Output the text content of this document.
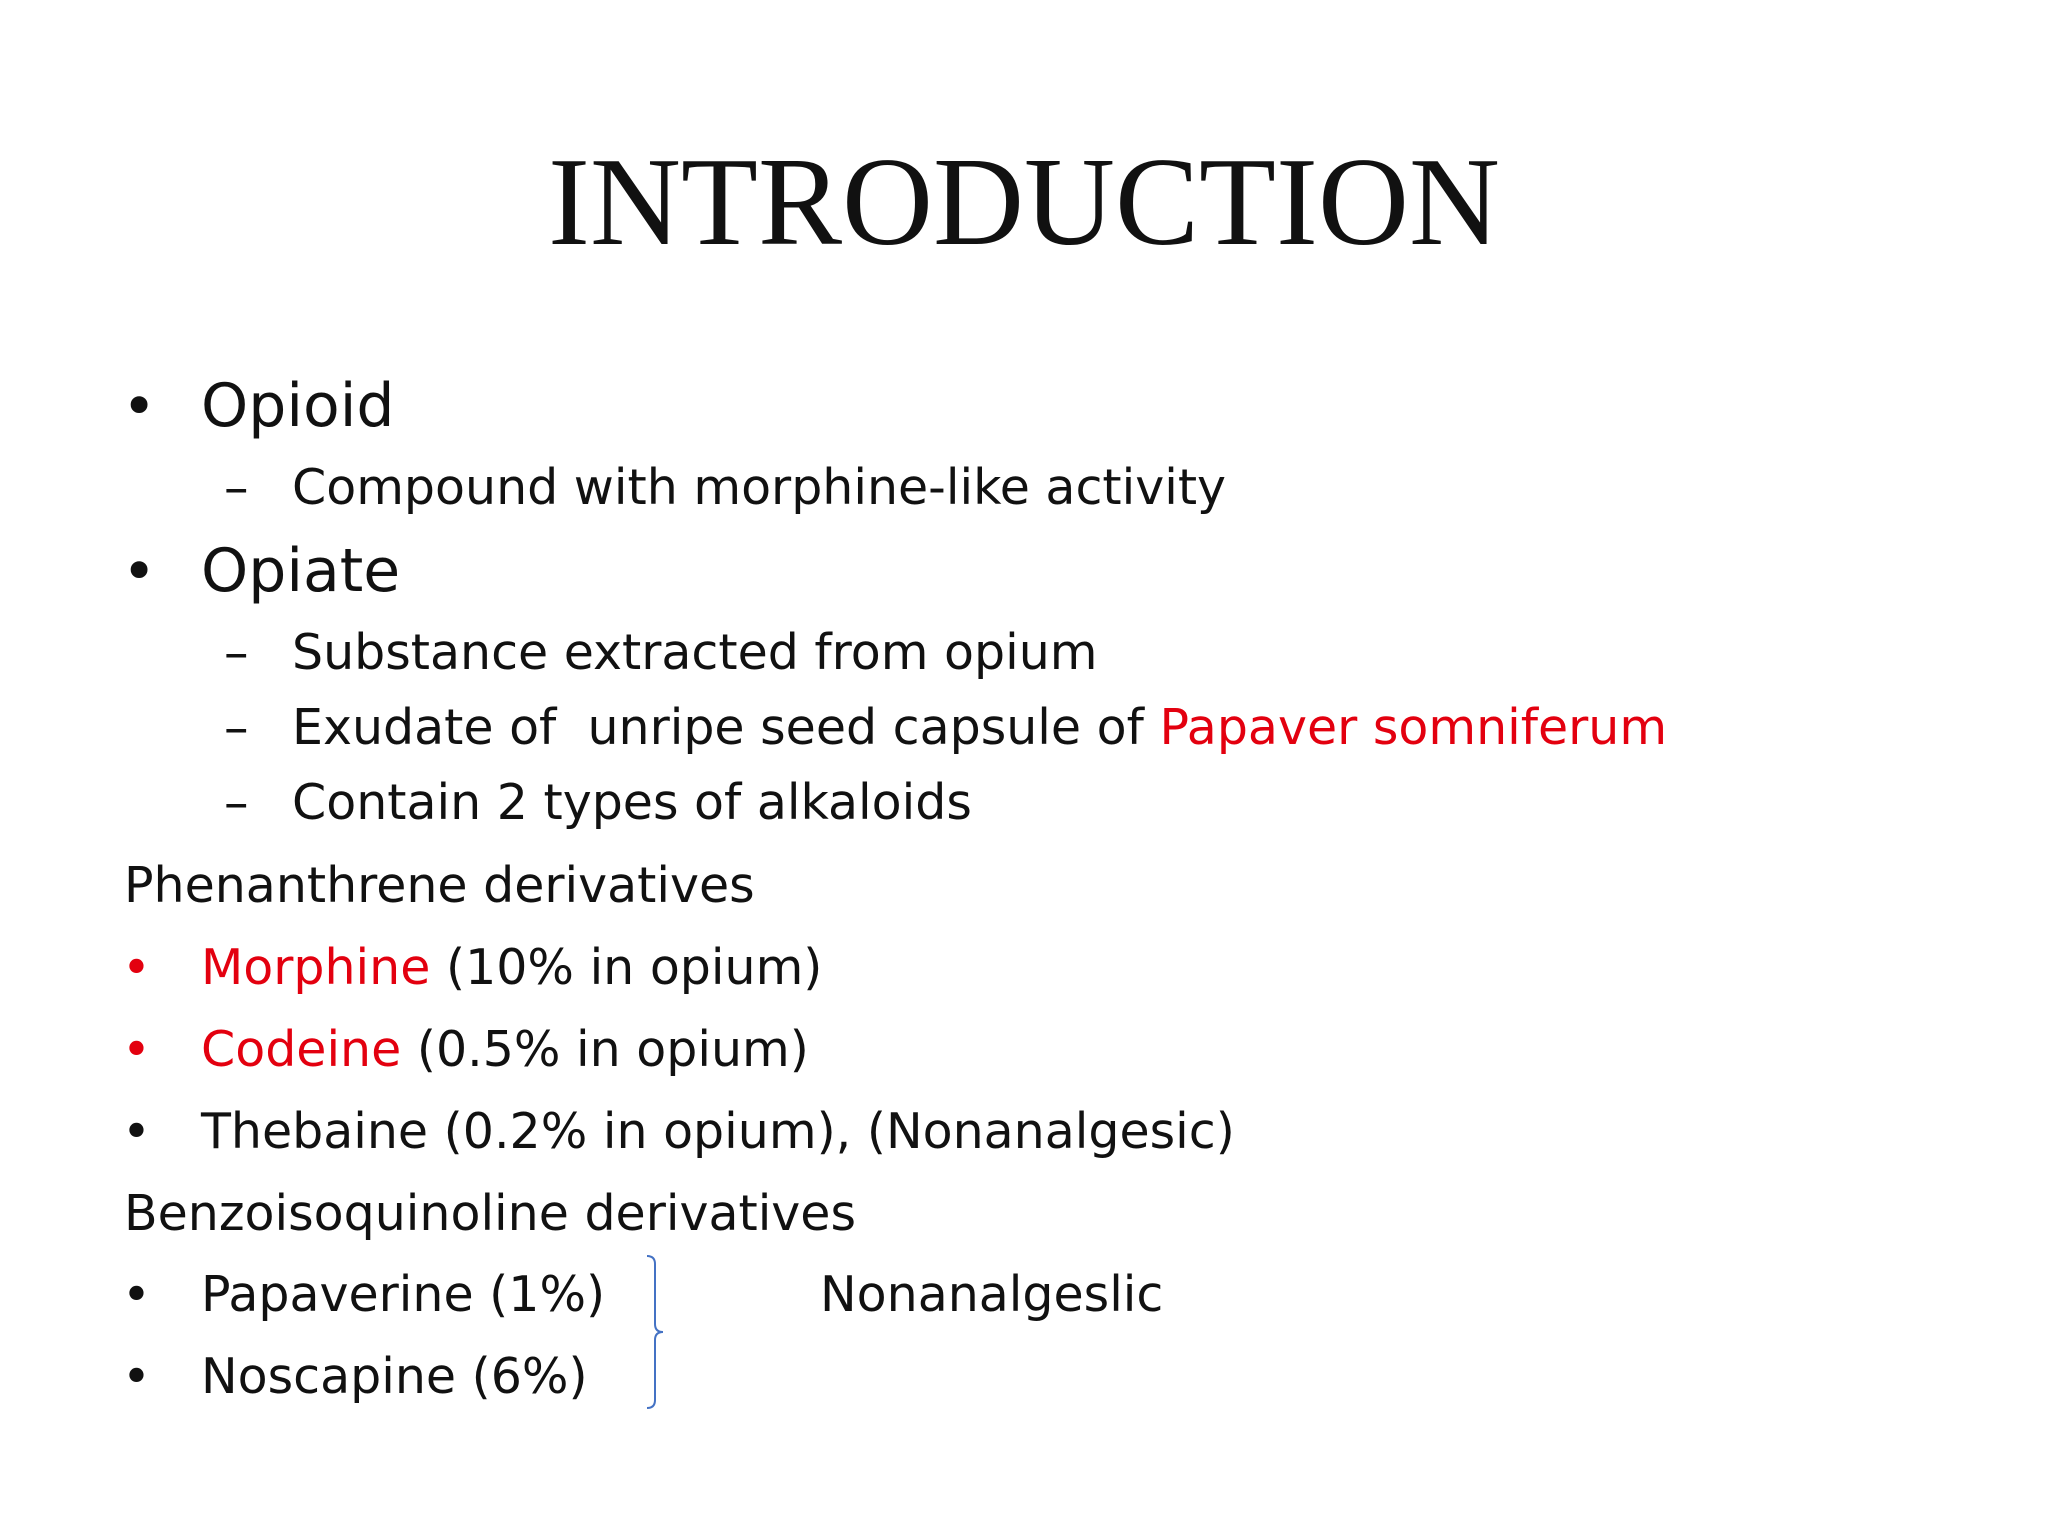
INTRODUCTION
• Opioid
– Compound with morphine-like activity
• Opiate
– Substance extracted from opium
– Exudate of  unripe seed capsule of Papaver somniferum
– Contain 2 types of alkaloids
Phenanthrene derivatives
• Morphine (10% in opium)
• Codeine (0.5% in opium)
• Thebaine (0.2% in opium), (Nonanalgesic)
Benzoisoquinoline derivatives
• Papaverine (1%)
• Noscapine (6%)
Nonanalgeslic
